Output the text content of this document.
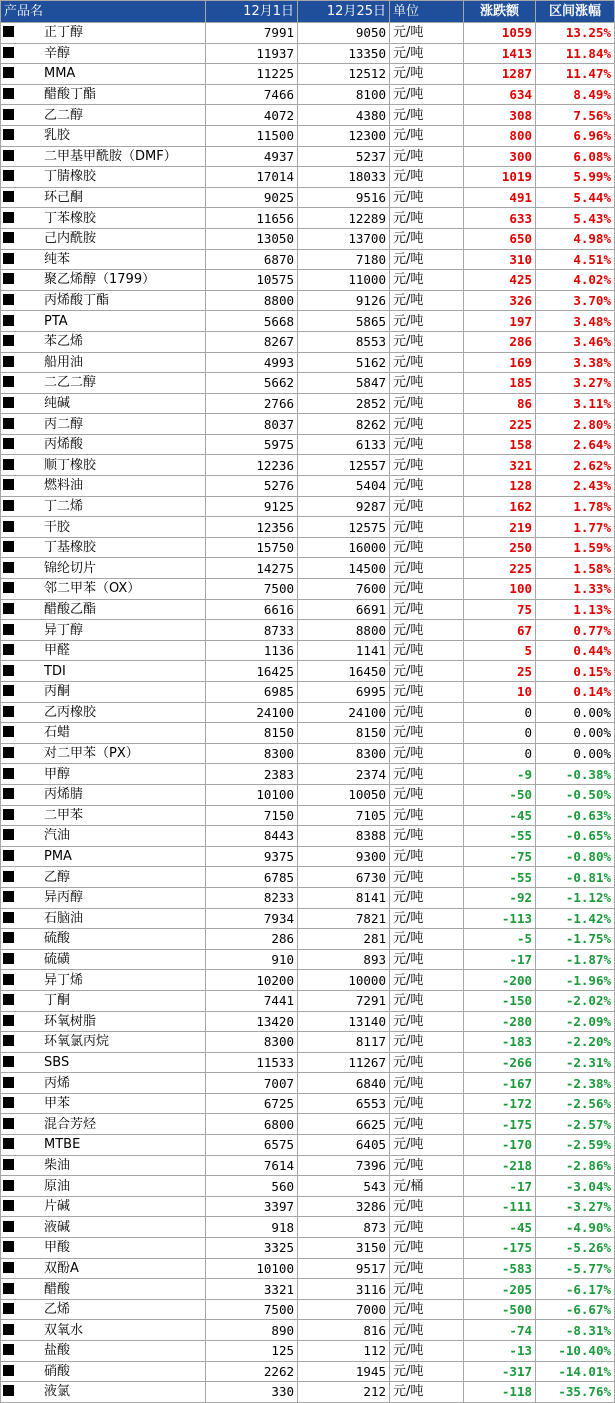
产品名	12月1日	12月25日	单位	涨跌额	区间涨幅
正丁醇	7991	9050	元/吨	1059	13.25%
辛醇	11937	13350	元/吨	1413	11.84%
MMA	11225	12512	元/吨	1287	11.47%
醋酸丁酯	7466	8100	元/吨	634	8.49%
乙二醇	4072	4380	元/吨	308	7.56%
乳胶	11500	12300	元/吨	800	6.96%
二甲基甲酰胺（DMF）	4937	5237	元/吨	300	6.08%
丁腈橡胶	17014	18033	元/吨	1019	5.99%
环己酮	9025	9516	元/吨	491	5.44%
丁苯橡胶	11656	12289	元/吨	633	5.43%
己内酰胺	13050	13700	元/吨	650	4.98%
纯苯	6870	7180	元/吨	310	4.51%
聚乙烯醇（1799）	10575	11000	元/吨	425	4.02%
丙烯酸丁酯	8800	9126	元/吨	326	3.70%
PTA	5668	5865	元/吨	197	3.48%
苯乙烯	8267	8553	元/吨	286	3.46%
船用油	4993	5162	元/吨	169	3.38%
二乙二醇	5662	5847	元/吨	185	3.27%
纯碱	2766	2852	元/吨	86	3.11%
丙二醇	8037	8262	元/吨	225	2.80%
丙烯酸	5975	6133	元/吨	158	2.64%
顺丁橡胶	12236	12557	元/吨	321	2.62%
燃料油	5276	5404	元/吨	128	2.43%
丁二烯	9125	9287	元/吨	162	1.78%
干胶	12356	12575	元/吨	219	1.77%
丁基橡胶	15750	16000	元/吨	250	1.59%
锦纶切片	14275	14500	元/吨	225	1.58%
邻二甲苯（OX）	7500	7600	元/吨	100	1.33%
醋酸乙酯	6616	6691	元/吨	75	1.13%
异丁醇	8733	8800	元/吨	67	0.77%
甲醛	1136	1141	元/吨	5	0.44%
TDI	16425	16450	元/吨	25	0.15%
丙酮	6985	6995	元/吨	10	0.14%
乙丙橡胶	24100	24100	元/吨	0	0.00%
石蜡	8150	8150	元/吨	0	0.00%
对二甲苯（PX）	8300	8300	元/吨	0	0.00%
甲醇	2383	2374	元/吨	-9	-0.38%
丙烯腈	10100	10050	元/吨	-50	-0.50%
二甲苯	7150	7105	元/吨	-45	-0.63%
汽油	8443	8388	元/吨	-55	-0.65%
PMA	9375	9300	元/吨	-75	-0.80%
乙醇	6785	6730	元/吨	-55	-0.81%
异丙醇	8233	8141	元/吨	-92	-1.12%
石脑油	7934	7821	元/吨	-113	-1.42%
硫酸	286	281	元/吨	-5	-1.75%
硫磺	910	893	元/吨	-17	-1.87%
异丁烯	10200	10000	元/吨	-200	-1.96%
丁酮	7441	7291	元/吨	-150	-2.02%
环氧树脂	13420	13140	元/吨	-280	-2.09%
环氧氯丙烷	8300	8117	元/吨	-183	-2.20%
SBS	11533	11267	元/吨	-266	-2.31%
丙烯	7007	6840	元/吨	-167	-2.38%
甲苯	6725	6553	元/吨	-172	-2.56%
混合芳烃	6800	6625	元/吨	-175	-2.57%
MTBE	6575	6405	元/吨	-170	-2.59%
柴油	7614	7396	元/吨	-218	-2.86%
原油	560	543	元/桶	-17	-3.04%
片碱	3397	3286	元/吨	-111	-3.27%
液碱	918	873	元/吨	-45	-4.90%
甲酸	3325	3150	元/吨	-175	-5.26%
双酚A	10100	9517	元/吨	-583	-5.77%
醋酸	3321	3116	元/吨	-205	-6.17%
乙烯	7500	7000	元/吨	-500	-6.67%
双氧水	890	816	元/吨	-74	-8.31%
盐酸	125	112	元/吨	-13	-10.40%
硝酸	2262	1945	元/吨	-317	-14.01%
液氯	330	212	元/吨	-118	-35.76%
